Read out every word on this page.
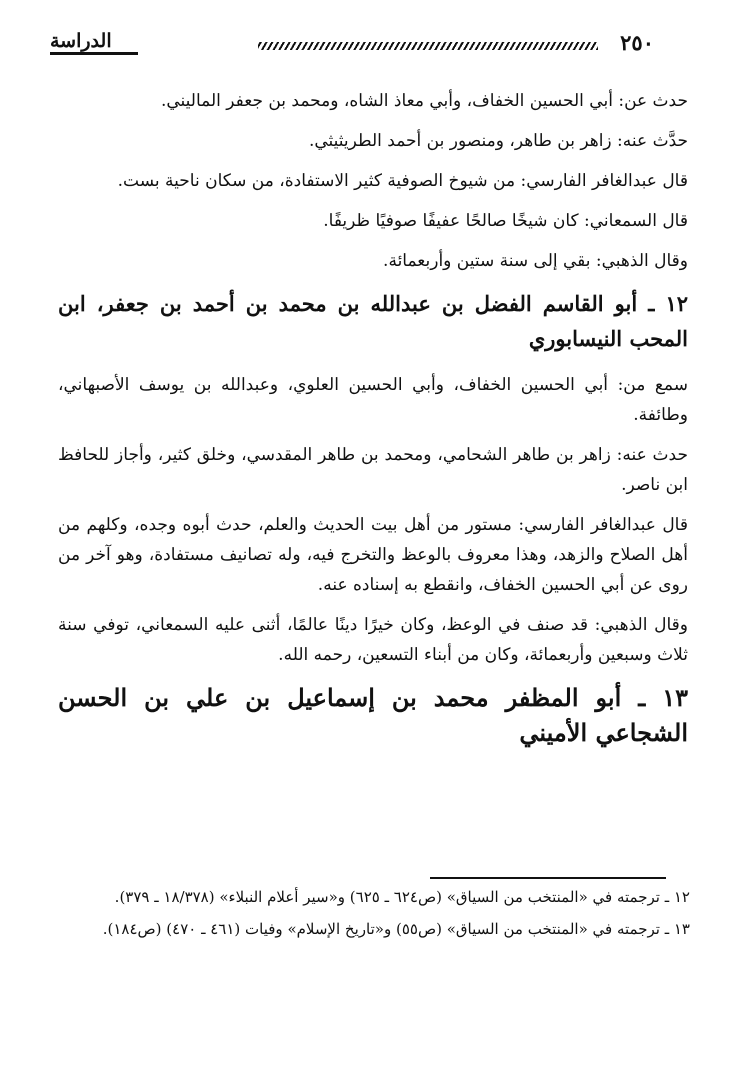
٢٥٠
الدراسة

حدث عن: أبي الحسين الخفاف، وأبي معاذ الشاه، ومحمد بن جعفر الماليني.

حدَّث عنه: زاهر بن طاهر، ومنصور بن أحمد الطريثيثي.

قال عبدالغافر الفارسي: من شيوخ الصوفية كثير الاستفادة، من سكان ناحية بست.

قال السمعاني: كان شيخًا صالحًا عفيفًا صوفيًا ظريفًا.

وقال الذهبي: بقي إلى سنة ستين وأربعمائة.

١٢ ـ أبو القاسم الفضل بن عبدالله بن محمد بن أحمد بن جعفر، ابن المحب النيسابوري

سمع من: أبي الحسين الخفاف، وأبي الحسين العلوي، وعبدالله بن يوسف الأصبهاني، وطائفة.

حدث عنه: زاهر بن طاهر الشحامي، ومحمد بن طاهر المقدسي، وخلق كثير، وأجاز للحافظ ابن ناصر.

قال عبدالغافر الفارسي: مستور من أهل بيت الحديث والعلم، حدث أبوه وجده، وكلهم من أهل الصلاح والزهد، وهذا معروف بالوعظ والتخرج فيه، وله تصانيف مستفادة، وهو آخر من روى عن أبي الحسين الخفاف، وانقطع به إسناده عنه.

وقال الذهبي: قد صنف في الوعظ، وكان خيرًا دينًا عالمًا، أثنى عليه السمعاني، توفي سنة ثلاث وسبعين وأربعمائة، وكان من أبناء التسعين، رحمه الله.

١٣ ـ أبو المظفر محمد بن إسماعيل بن علي بن الحسن الشجاعي الأميني

١٢ ـ ترجمته في «المنتخب من السياق» (ص٦٢٤ ـ ٦٢٥) و«سير أعلام النبلاء» (١٨/٣٧٨ ـ ٣٧٩).

١٣ ـ ترجمته في «المنتخب من السياق» (ص٥٥) و«تاريخ الإسلام» وفيات (٤٦١ ـ ٤٧٠) (ص١٨٤).
